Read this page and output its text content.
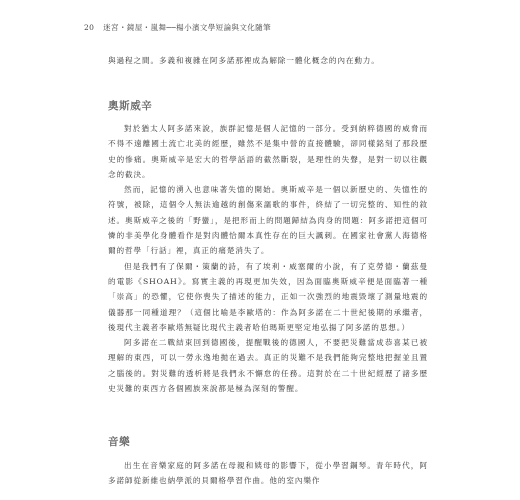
20 迷宮・鏡屋・嵐舞──楊小濱文學短論與文化隨筆

與過程之間。多義和複雜在阿多諾那裡成為解除一體化概念的內在動力。

奧斯威辛

對於猶太人阿多諾來說，族群記憶是個人記憶的一部分。受到納粹德國的威脅而不得不遠離國土流亡北美的經歷，雖然不是集中營的直接體驗，卻同樣銘刻了那段歷史的慘痛。奧斯威辛是宏大的哲學話語的截然斷裂，是理性的失聲，是對一切以往觀念的截決。

然而，記憶的湧入也意味著失憶的開始。奧斯威辛是一個以新歷史的、失憶性的符號，被除，這個令人無法逾越的創傷來謳歌的事件，終結了一切完整的、知性的敘述。奧斯威辛之後的「野蠻」，是把形而上的問題歸結為肉身的問題：阿多諾把這個可憐的非美學化身體看作是對肉體恰爾本真性存在的巨大諷刺。在國家社會黨人海德格爾的哲學「行話」裡，真正的痛楚消失了。

但是我們有了保爾・策蘭的詩，有了埃利・威塞爾的小說，有了克勞德・蘭茲曼的電影《SHOAH》。寫實主義的再現更加失效，因為面臨奧斯威辛便是面臨著一種「崇高」的恐懼，它使你喪失了描述的能力，正如一次強烈的地震毀壞了測量地震的儀器那一同種道理？（這個比喻是李歐塔的：作為阿多諾在二十世紀後期的承繼者，後現代主義者李歐塔無疑比現代主義者哈伯瑪斯更堅定地弘揚了阿多諾的思想。）

阿多諾在二戰結束回到德國後，提醒戰後的德國人，不要把災難當成恭喜某已被理解的東西，可以一勞永逸地拋在過去。真正的災難不是我們能夠完整地把握並且置之腦後的。對災難的透析將是我們永不懈怠的任務。這對於在二十世紀經歷了諸多歷史災難的東西方各個國族來說都是極為深刻的警醒。

音樂

出生在音樂家庭的阿多諾在母親和姨母的影響下，從小學習鋼琴。青年時代，阿多諾師從新維也納學派的貝爾格學習作曲。他的室內樂作
